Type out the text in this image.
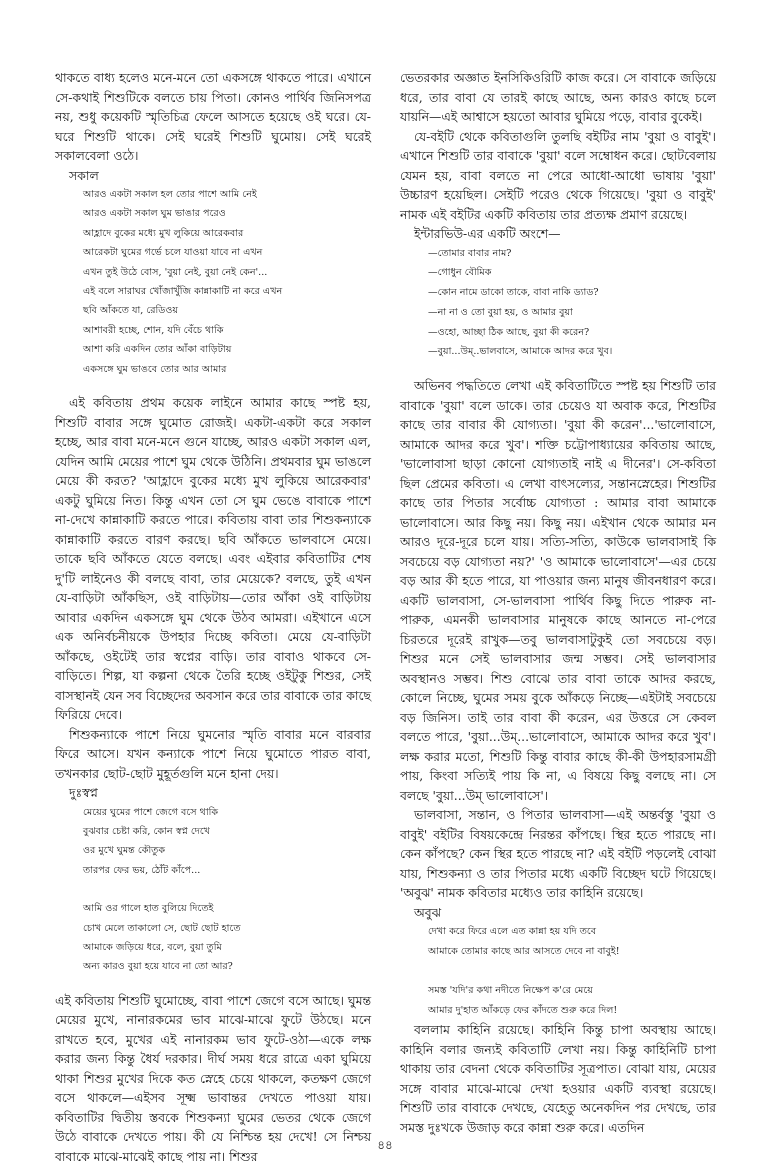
থাকতে বাধ্য হলেও মনে-মনে তো একসঙ্গে থাকতে পারে। এখানে সে-কথাই শিশুটিকে বলতে চায় পিতা। কোনও পার্থিব জিনিসপত্র নয়, শুধু কয়েকটি স্মৃতিচিত্র ফেলে আসতে হয়েছে ওই ঘরে। যে-ঘরে শিশুটি থাকে। সেই ঘরেই শিশুটি ঘুমোয়। সেই ঘরেই সকালবেলা ওঠে।

সকাল
আরও একটা সকাল হল তোর পাশে আমি নেই
আরও একটা সকাল ঘুম ভাঙার পরেও
আহ্লাদে বুকের মধ্যে মুখ লুকিয়ে আরেকবার
আরেকটা ঘুমের গর্ভে চলে যাওয়া যাবে না এখন
এখন তুই উঠে বোস, 'বুয়া নেই, বুয়া নেই কেন'...
এই বলে সারাঘর খোঁজাখুঁজি কান্নাকাটি না করে এখন
ছবি আঁকতে যা, রেডিওয়
আশাবরী হচ্ছে, শোন, যদি বেঁচে থাকি
আশা করি একদিন তোর আঁকা বাড়িটায়
একসঙ্গে ঘুম ভাঙবে তোর আর আমার

এই কবিতায় প্রথম কয়েক লাইনে আমার কাছে স্পষ্ট হয়, শিশুটি বাবার সঙ্গে ঘুমোত রোজই। একটা-একটা করে সকাল হচ্ছে, আর বাবা মনে-মনে গুনে যাচ্ছে, আরও একটা সকাল এল, যেদিন আমি মেয়ের পাশে ঘুম থেকে উঠিনি। প্রথমবার ঘুম ভাঙলে মেয়ে কী করত? 'আহ্লাদে বুকের মধ্যে মুখ লুকিয়ে আরেকবার' একটু ঘুমিয়ে নিত। কিন্তু এখন তো সে ঘুম ভেঙে বাবাকে পাশে না-দেখে কান্নাকাটি করতে পারে। কবিতায় বাবা তার শিশুকন্যাকে কান্নাকাটি করতে বারণ করছে। ছবি আঁকতে ভালবাসে মেয়ে। তাকে ছবি আঁকতে যেতে বলছে। এবং এইবার কবিতাটির শেষ দু'টি লাইনেও কী বলছে বাবা, তার মেয়েকে? বলছে, তুই এখন যে-বাড়িটা আঁকছিস, ওই বাড়িটায়—তোর আঁকা ওই বাড়িটায় আবার একদিন একসঙ্গে ঘুম থেকে উঠব আমরা। এইখানে এসে এক অনির্বচনীয়কে উপহার দিচ্ছে কবিতা। মেয়ে যে-বাড়িটা আঁকছে, ওইটেই তার স্বপ্নের বাড়ি। তার বাবাও থাকবে সে-বাড়িতে। শিল্প, যা কল্পনা থেকে তৈরি হচ্ছে ওইটুকু শিশুর, সেই বাসস্থানই যেন সব বিচ্ছেদের অবসান করে তার বাবাকে তার কাছে ফিরিয়ে দেবে।

শিশুকন্যাকে পাশে নিয়ে ঘুমনোর স্মৃতি বাবার মনে বারবার ফিরে আসে। যখন কন্যাকে পাশে নিয়ে ঘুমোতে পারত বাবা, তখনকার ছোট-ছোট মুহূর্তগুলি মনে হানা দেয়।

দুঃস্বপ্ন
মেয়ের ঘুমের পাশে জেগে বসে থাকি
বুঝবার চেষ্টা করি, কোন স্বপ্ন দেখে
ওর মুখে ঘুমন্ত কৌতুক
তারপর ফের ভয়, ঠোঁট কাঁপে...
আমি ওর গালে হাত বুলিয়ে দিতেই
চোখ মেলে তাকালো সে, ছোট ছোট হাতে
আমাকে জড়িয়ে ধরে, বলে, বুয়া তুমি
অন্য কারও বুয়া হয়ে যাবে না তো আর?

এই কবিতায় শিশুটি ঘুমোচ্ছে, বাবা পাশে জেগে বসে আছে। ঘুমন্ত মেয়ের মুখে, নানারকমের ভাব মাঝে-মাঝে ফুটে উঠছে। মনে রাখতে হবে, মুখের এই নানারকম ভাব ফুটে-ওঠা—একে লক্ষ করার জন্য কিন্তু ধৈর্য দরকার। দীর্ঘ সময় ধরে রাত্রে একা ঘুমিয়ে থাকা শিশুর মুখের দিকে কত স্নেহে চেয়ে থাকলে, কতক্ষণ জেগে বসে থাকলে—এইসব সূক্ষ্ম ভাবান্তর দেখতে পাওয়া যায়। কবিতাটির দ্বিতীয় স্তবকে শিশুকন্যা ঘুমের ভেতর থেকে জেগে উঠে বাবাকে দেখতে পায়। কী যে নিশ্চিন্ত হয় দেখে! সে নিশ্চয় বাবাকে মাঝে-মাঝেই কাছে পায় না। শিশুর

ভেতরকার অজ্ঞাত ইনসিকিওরিটি কাজ করে। সে বাবাকে জড়িয়ে ধরে, তার বাবা যে তারই কাছে আছে, অন্য কারও কাছে চলে যায়নি—এই আশ্বাসে হয়তো আবার ঘুমিয়ে পড়ে, বাবার বুকেই।

যে-বইটি থেকে কবিতাগুলি তুলছি বইটির নাম 'বুয়া ও বাবুই'। এখানে শিশুটি তার বাবাকে 'বুয়া' বলে সম্বোধন করে। ছোটবেলায় যেমন হয়, বাবা বলতে না পেরে আধো-আধো ভাষায় 'বুয়া' উচ্চারণ হয়েছিল। সেইটি পরেও থেকে গিয়েছে। 'বুয়া ও বাবুই' নামক এই বইটির একটি কবিতায় তার প্রত্যক্ষ প্রমাণ রয়েছে।

ইন্টারভিউ-এর একটি অংশে—
—তোমার বাবার নাম?
—গোধুন বৌমিক
—কোন নামে ডাকো তাকে, বাবা নাকি ড্যাড?
—না না ও তো বুয়া হয়, ও আমার বুয়া
—ওহো, আচ্ছা ঠিক আছে, বুয়া কী করেন?
—বুয়া...উম্..ভালবাসে, আমাকে আদর করে খুব।

অভিনব পদ্ধতিতে লেখা এই কবিতাটিতে স্পষ্ট হয় শিশুটি তার বাবাকে 'বুয়া' বলে ডাকে। তার চেয়েও যা অবাক করে, শিশুটির কাছে তার বাবার কী যোগ্যতা। 'বুয়া কী করেন'...'ভালোবাসে, আমাকে আদর করে খুব'। শক্তি চট্টোপাধ্যায়ের কবিতায় আছে, 'ভালোবাসা ছাড়া কোনো যোগ্যতাই নাই এ দীনের'। সে-কবিতা ছিল প্রেমের কবিতা। এ লেখা বাৎসল্যের, সন্তানস্নেহের। শিশুটির কাছে তার পিতার সর্বোচ্চ যোগ্যতা : আমার বাবা আমাকে ভালোবাসে। আর কিছু নয়। কিছু নয়। এইখান থেকে আমার মন আরও দূরে-দূরে চলে যায়। সত্যি-সত্যি, কাউকে ভালবাসাই কি সবচেয়ে বড় যোগ্যতা নয়?' 'ও আমাকে ভালোবাসে'—এর চেয়ে বড় আর কী হতে পারে, যা পাওয়ার জন্য মানুষ জীবনধারণ করে। একটি ভালবাসা, সে-ভালবাসা পার্থিব কিছু দিতে পারুক না-পারুক, এমনকী ভালবাসার মানুষকে কাছে আনতে না-পেরে চিরতরে দূরেই রাখুক—তবু ভালবাসাটুকুই তো সবচেয়ে বড়। শিশুর মনে সেই ভালবাসার জন্ম সম্ভব। সেই ভালবাসার অবস্থানও সম্ভব। শিশু বোঝে তার বাবা তাকে আদর করছে, কোলে নিচ্ছে, ঘুমের সময় বুকে আঁকড়ে নিচ্ছে—এইটাই সবচেয়ে বড় জিনিস। তাই তার বাবা কী করেন, এর উত্তরে সে কেবল বলতে পারে, 'বুয়া...উম্...ভালোবাসে, আমাকে আদর করে খুব'। লক্ষ করার মতো, শিশুটি কিন্তু বাবার কাছে কী-কী উপহারসামগ্রী পায়, কিংবা সত্যিই পায় কি না, এ বিষয়ে কিছু বলছে না। সে বলছে 'বুয়া...উম্ ভালোবাসে'।

ভালবাসা, সন্তান, ও পিতার ভালবাসা—এই অন্তর্বস্তু 'বুয়া ও বাবুই' বইটির বিষয়কেন্দ্রে নিরন্তর কাঁপছে। স্থির হতে পারছে না। কেন কাঁপছে? কেন স্থির হতে পারছে না? এই বইটি পড়লেই বোঝা যায়, শিশুকন্যা ও তার পিতার মধ্যে একটি বিচ্ছেদ ঘটে গিয়েছে। 'অবুঝ' নামক কবিতার মধ্যেও তার কাহিনি রয়েছে।

অবুঝ
দেখা করে ফিরে এলে এত কান্না হয় যদি তবে
আমাকে তোমার কাছে আর আসতে দেবে না বাবুই!
সমস্ত 'যদি'র কথা নদীতে নিক্ষেপ ক'রে মেয়ে
আমার দু'হাত আঁকড়ে ফের কাঁদতে শুরু করে দিল!

বললাম কাহিনি রয়েছে। কাহিনি কিন্তু চাপা অবস্থায় আছে। কাহিনি বলার জন্যই কবিতাটি লেখা নয়। কিন্তু কাহিনিটি চাপা থাকায় তার বেদনা থেকে কবিতাটির সূত্রপাত। বোঝা যায়, মেয়ের সঙ্গে বাবার মাঝে-মাঝে দেখা হওয়ার একটি ব্যবস্থা রয়েছে। শিশুটি তার বাবাকে দেখছে, যেহেতু অনেকদিন পর দেখছে, তার সমস্ত দুঃখকে উজাড় করে কান্না শুরু করে। এতদিন

৪৪
